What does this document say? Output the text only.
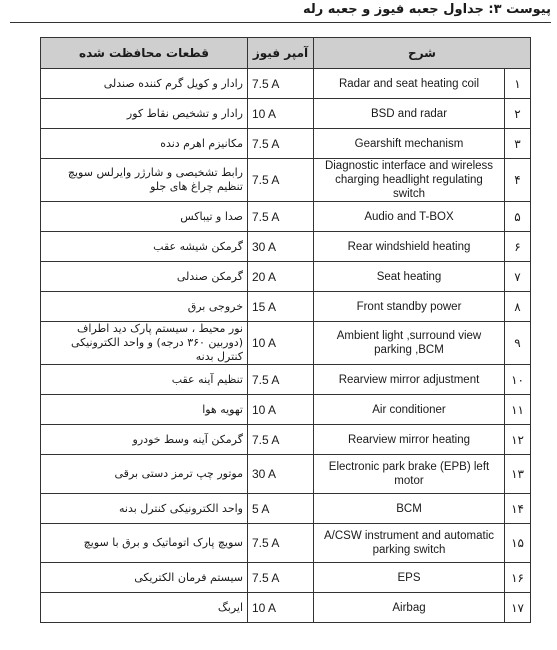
پیوست ۳: جداول جعبه فیوز و جعبه رله
قطعات محافظت شده	آمپر فیوز	شرح	
رادار و کویل گرم کننده صندلی	7.5 A	Radar and seat heating coil	۱
رادار و تشخیص نقاط کور	10 A	BSD and radar	۲
مکانیزم اهرم دنده	7.5 A	Gearshift mechanism	۳
رابط تشخیصی و شارژر وایرلس سویچ تنظیم چراغ های جلو	7.5 A	Diagnostic interface and wireless charging headlight regulating switch	۴
صدا و تیباکس	7.5 A	Audio and T-BOX	۵
گرمکن شیشه عقب	30 A	Rear windshield heating	۶
گرمکن صندلی	20 A	Seat heating	۷
خروجی برق	15 A	Front standby power	۸
نور محیط ، سیستم پارک دید اطراف (دوربین ۳۶۰ درجه) و واحد الکترونیکی کنترل بدنه	10 A	Ambient light ,surround view parking ,BCM	۹
تنظیم آینه عقب	7.5 A	Rearview mirror adjustment	۱۰
تهویه هوا	10 A	Air conditioner	۱۱
گرمکن آینه وسط خودرو	7.5 A	Rearview mirror heating	۱۲
موتور چپ ترمز دستی برقی	30 A	Electronic park brake (EPB) left motor	۱۳
واحد الکترونیکی کنترل بدنه	5 A	BCM	۱۴
سویچ پارک اتوماتیک و برق با سویچ	7.5 A	A/CSW instrument and automatic parking switch	۱۵
سیستم فرمان الکتریکی	7.5 A	EPS	۱۶
ایربگ	10 A	Airbag	۱۷
